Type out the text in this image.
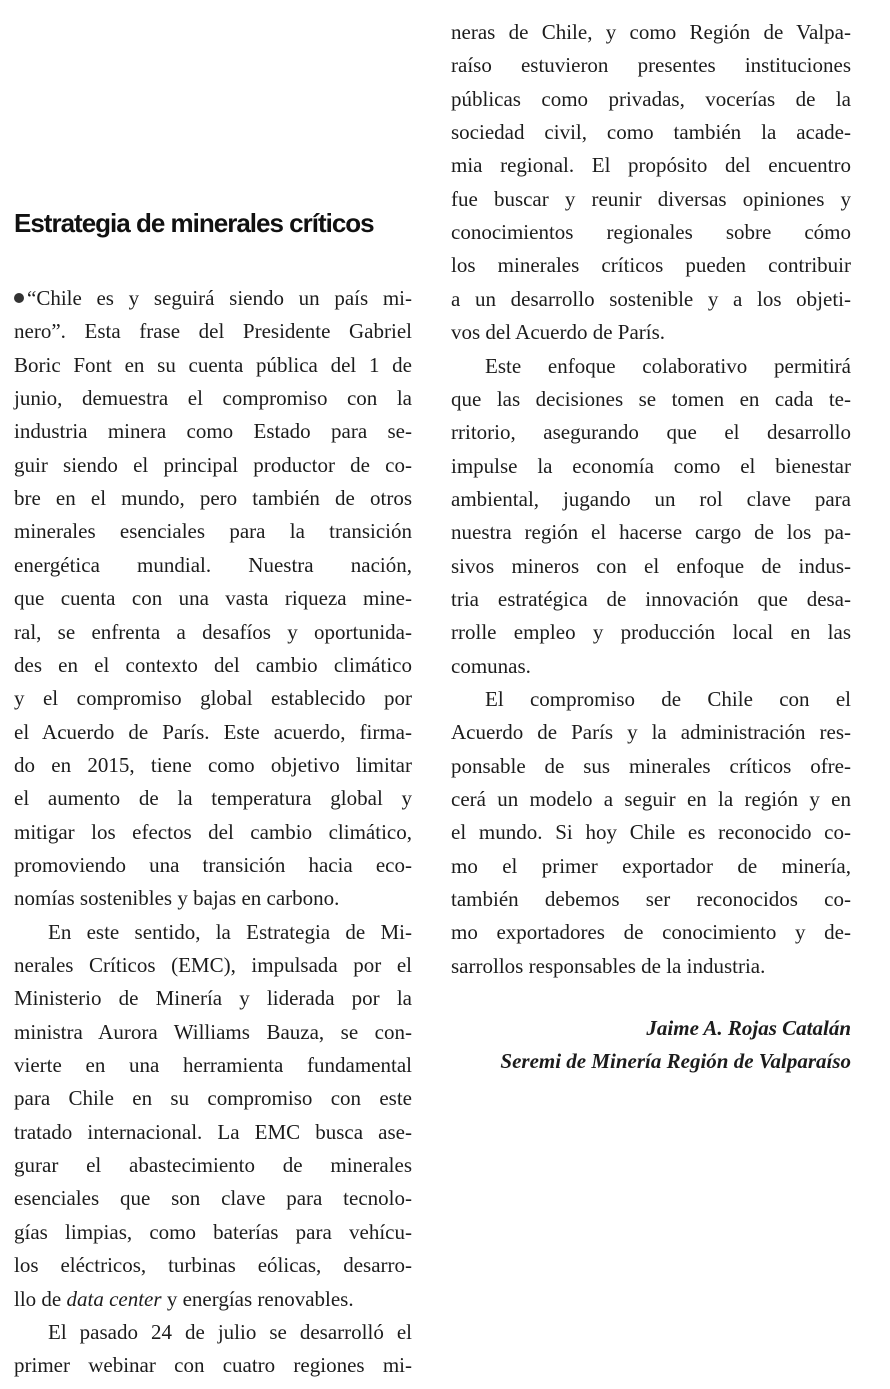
Estrategia de minerales críticos
“Chile es y seguirá siendo un país mi-
nero”. Esta frase del Presidente Gabriel
Boric Font en su cuenta pública del 1 de
junio, demuestra el compromiso con la
industria minera como Estado para se-
guir siendo el principal productor de co-
bre en el mundo, pero también de otros
minerales esenciales para la transición
energética mundial. Nuestra nación,
que cuenta con una vasta riqueza mine-
ral, se enfrenta a desafíos y oportunida-
des en el contexto del cambio climático
y el compromiso global establecido por
el Acuerdo de París. Este acuerdo, firma-
do en 2015, tiene como objetivo limitar
el aumento de la temperatura global y
mitigar los efectos del cambio climático,
promoviendo una transición hacia eco-
nomías sostenibles y bajas en carbono.
En este sentido, la Estrategia de Mi-
nerales Críticos (EMC), impulsada por el
Ministerio de Minería y liderada por la
ministra Aurora Williams Bauza, se con-
vierte en una herramienta fundamental
para Chile en su compromiso con este
tratado internacional. La EMC busca ase-
gurar el abastecimiento de minerales
esenciales que son clave para tecnolo-
gías limpias, como baterías para vehícu-
los eléctricos, turbinas eólicas, desarro-
llo de data center y energías renovables.
El pasado 24 de julio se desarrolló el
primer webinar con cuatro regiones mi-
neras de Chile, y como Región de Valpa-
raíso estuvieron presentes instituciones
públicas como privadas, vocerías de la
sociedad civil, como también la acade-
mia regional. El propósito del encuentro
fue buscar y reunir diversas opiniones y
conocimientos regionales sobre cómo
los minerales críticos pueden contribuir
a un desarrollo sostenible y a los objeti-
vos del Acuerdo de París.
Este enfoque colaborativo permitirá
que las decisiones se tomen en cada te-
rritorio, asegurando que el desarrollo
impulse la economía como el bienestar
ambiental, jugando un rol clave para
nuestra región el hacerse cargo de los pa-
sivos mineros con el enfoque de indus-
tria estratégica de innovación que desa-
rrolle empleo y producción local en las
comunas.
El compromiso de Chile con el
Acuerdo de París y la administración res-
ponsable de sus minerales críticos ofre-
cerá un modelo a seguir en la región y en
el mundo. Si hoy Chile es reconocido co-
mo el primer exportador de minería,
también debemos ser reconocidos co-
mo exportadores de conocimiento y de-
sarrollos responsables de la industria.
Jaime A. Rojas Catalán
Seremi de Minería Región de Valparaíso
